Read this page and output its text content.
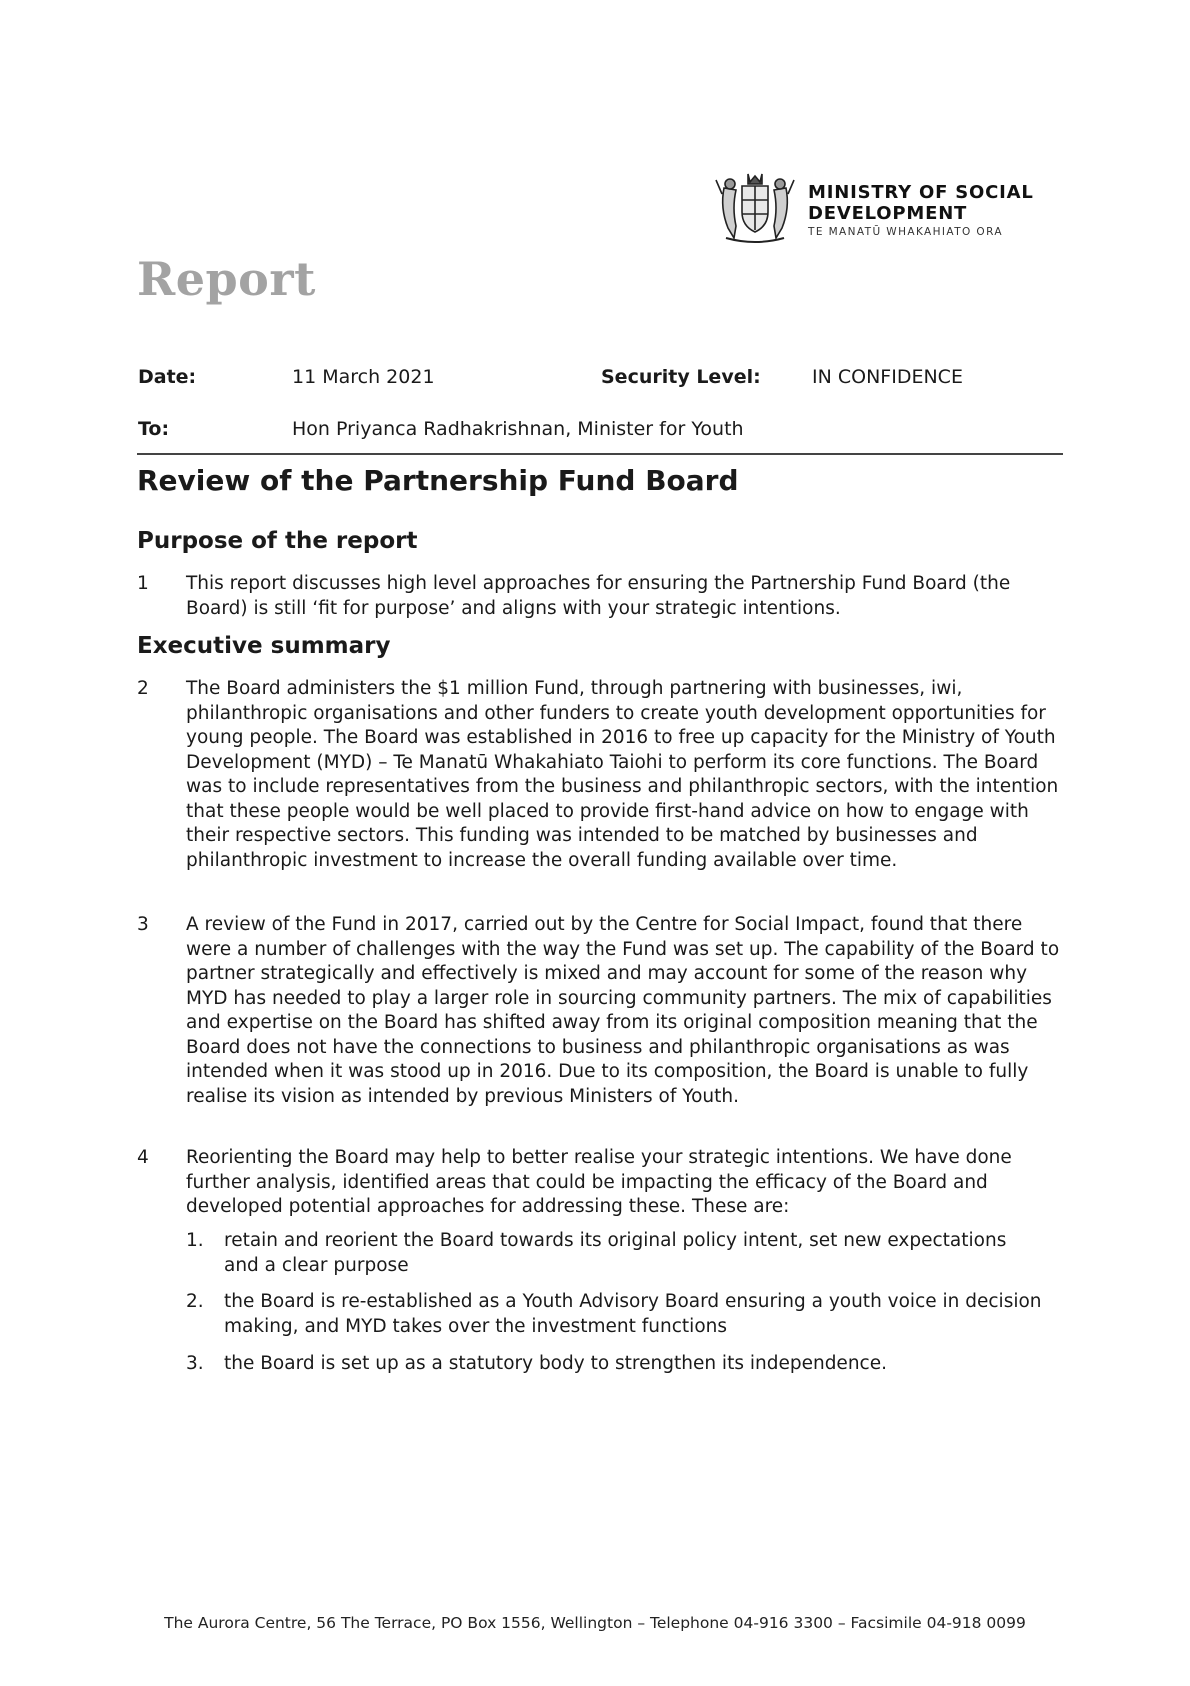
MINISTRY OF SOCIAL
DEVELOPMENT
TE MANATŪ WHAKAHIATO ORA
Report
Date:	11 March 2021	Security Level:	IN CONFIDENCE
To:	Hon Priyanca Radhakrishnan, Minister for Youth
Review of the Partnership Fund Board
Purpose of the report
1 This report discusses high level approaches for ensuring the Partnership Fund Board (the Board) is still ‘fit for purpose’ and aligns with your strategic intentions.
Executive summary
2 The Board administers the $1 million Fund, through partnering with businesses, iwi, philanthropic organisations and other funders to create youth development opportunities for young people. The Board was established in 2016 to free up capacity for the Ministry of Youth Development (MYD) – Te Manatū Whakahiato Taiohi to perform its core functions. The Board was to include representatives from the business and philanthropic sectors, with the intention that these people would be well placed to provide first-hand advice on how to engage with their respective sectors. This funding was intended to be matched by businesses and philanthropic investment to increase the overall funding available over time.
3 A review of the Fund in 2017, carried out by the Centre for Social Impact, found that there were a number of challenges with the way the Fund was set up. The capability of the Board to partner strategically and effectively is mixed and may account for some of the reason why MYD has needed to play a larger role in sourcing community partners. The mix of capabilities and expertise on the Board has shifted away from its original composition meaning that the Board does not have the connections to business and philanthropic organisations as was intended when it was stood up in 2016. Due to its composition, the Board is unable to fully realise its vision as intended by previous Ministers of Youth.
4 Reorienting the Board may help to better realise your strategic intentions. We have done further analysis, identified areas that could be impacting the efficacy of the Board and developed potential approaches for addressing these. These are:
1. retain and reorient the Board towards its original policy intent, set new expectations and a clear purpose
2. the Board is re-established as a Youth Advisory Board ensuring a youth voice in decision making, and MYD takes over the investment functions
3. the Board is set up as a statutory body to strengthen its independence.
The Aurora Centre, 56 The Terrace, PO Box 1556, Wellington – Telephone 04-916 3300 – Facsimile 04-918 0099
